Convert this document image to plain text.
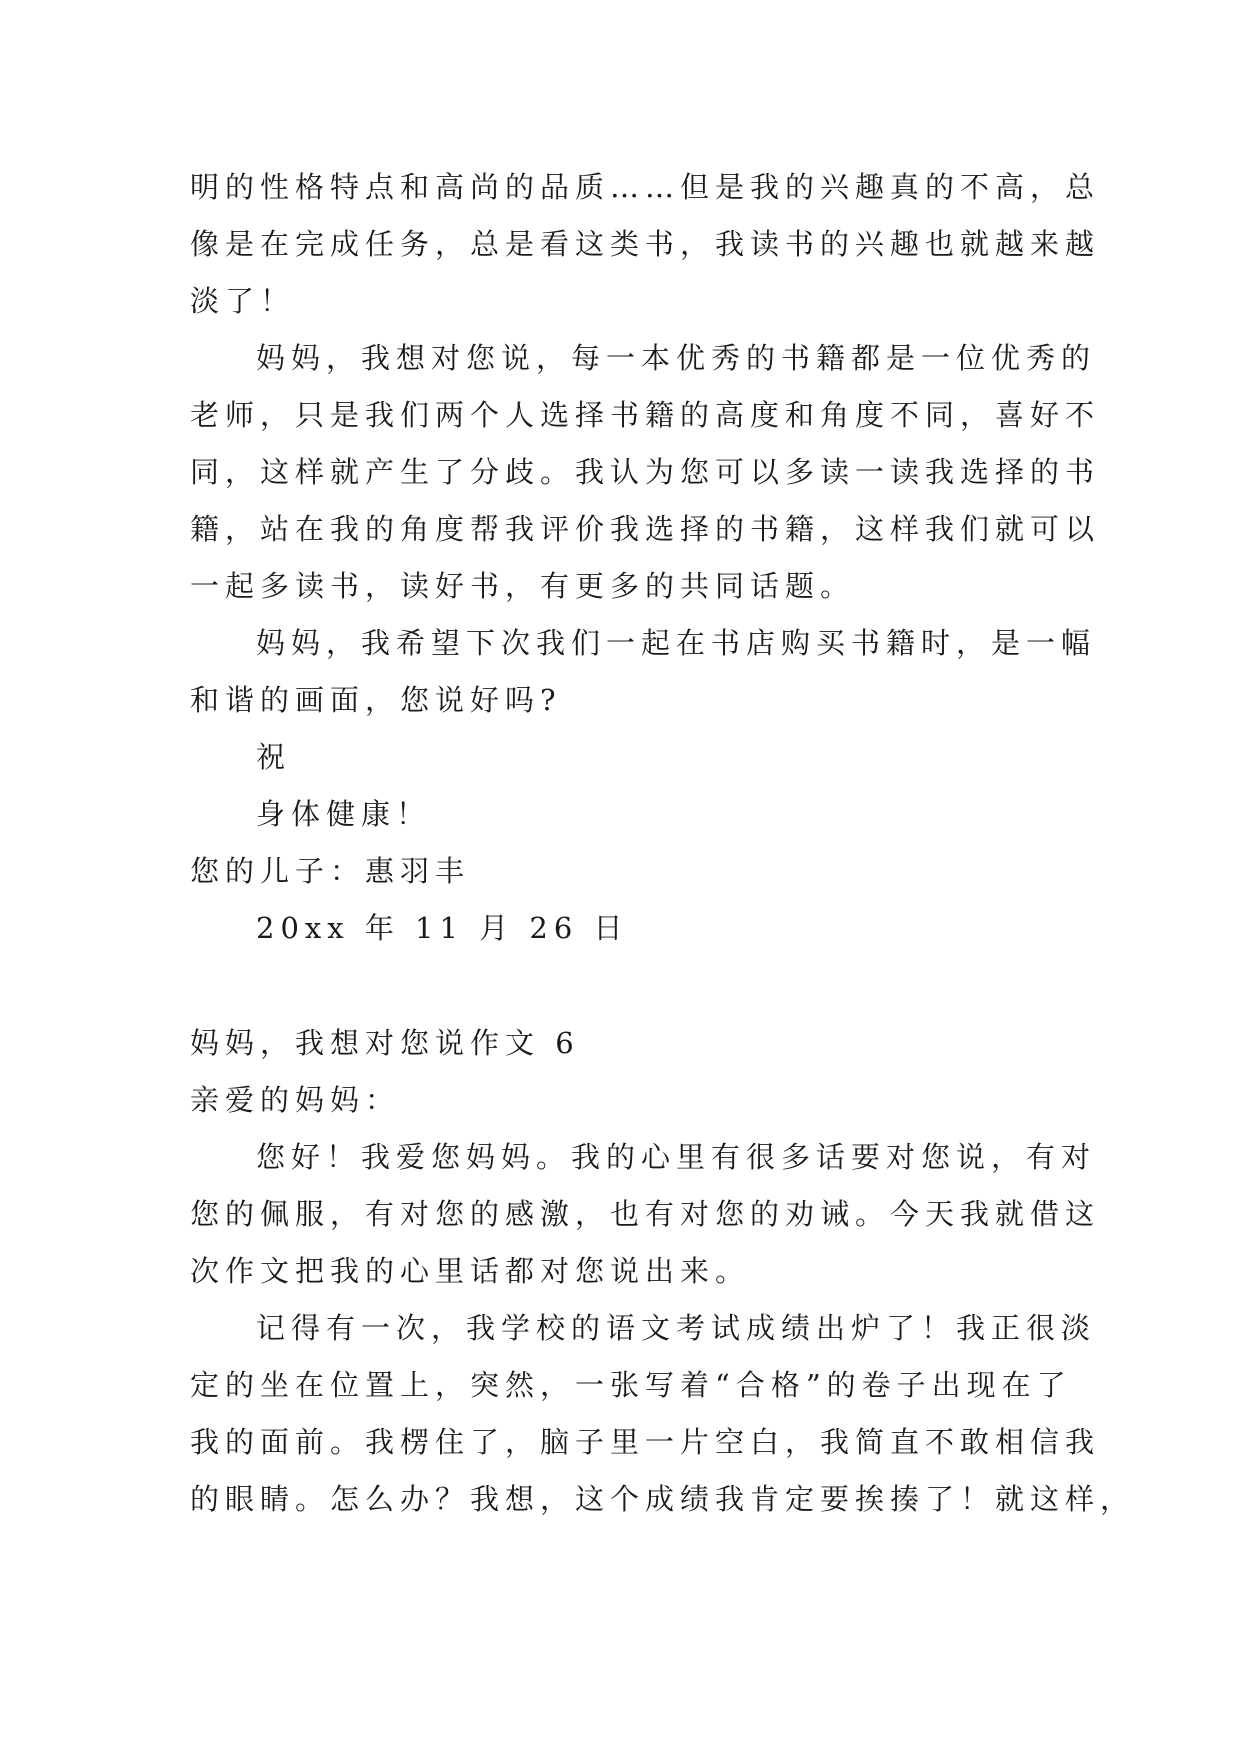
明的性格特点和高尚的品质……但是我的兴趣真的不高，总
像是在完成任务，总是看这类书，我读书的兴趣也就越来越
淡了！
妈妈，我想对您说，每一本优秀的书籍都是一位优秀的
老师，只是我们两个人选择书籍的高度和角度不同，喜好不
同，这样就产生了分歧。我认为您可以多读一读我选择的书
籍，站在我的角度帮我评价我选择的书籍，这样我们就可以
一起多读书，读好书，有更多的共同话题。
妈妈，我希望下次我们一起在书店购买书籍时，是一幅
和谐的画面，您说好吗?
祝
身体健康！
您的儿子：惠羽丰
20xx 年 11 月 26 日
妈妈，我想对您说作文 6
亲爱的妈妈：
您好！我爱您妈妈。我的心里有很多话要对您说，有对
您的佩服，有对您的感激，也有对您的劝诫。今天我就借这
次作文把我的心里话都对您说出来。
记得有一次，我学校的语文考试成绩出炉了！我正很淡
定的坐在位置上，突然，一张写着“合格”的卷子出现在了
我的面前。我楞住了，脑子里一片空白，我简直不敢相信我
的眼睛。怎么办？我想，这个成绩我肯定要挨揍了！就这样，
